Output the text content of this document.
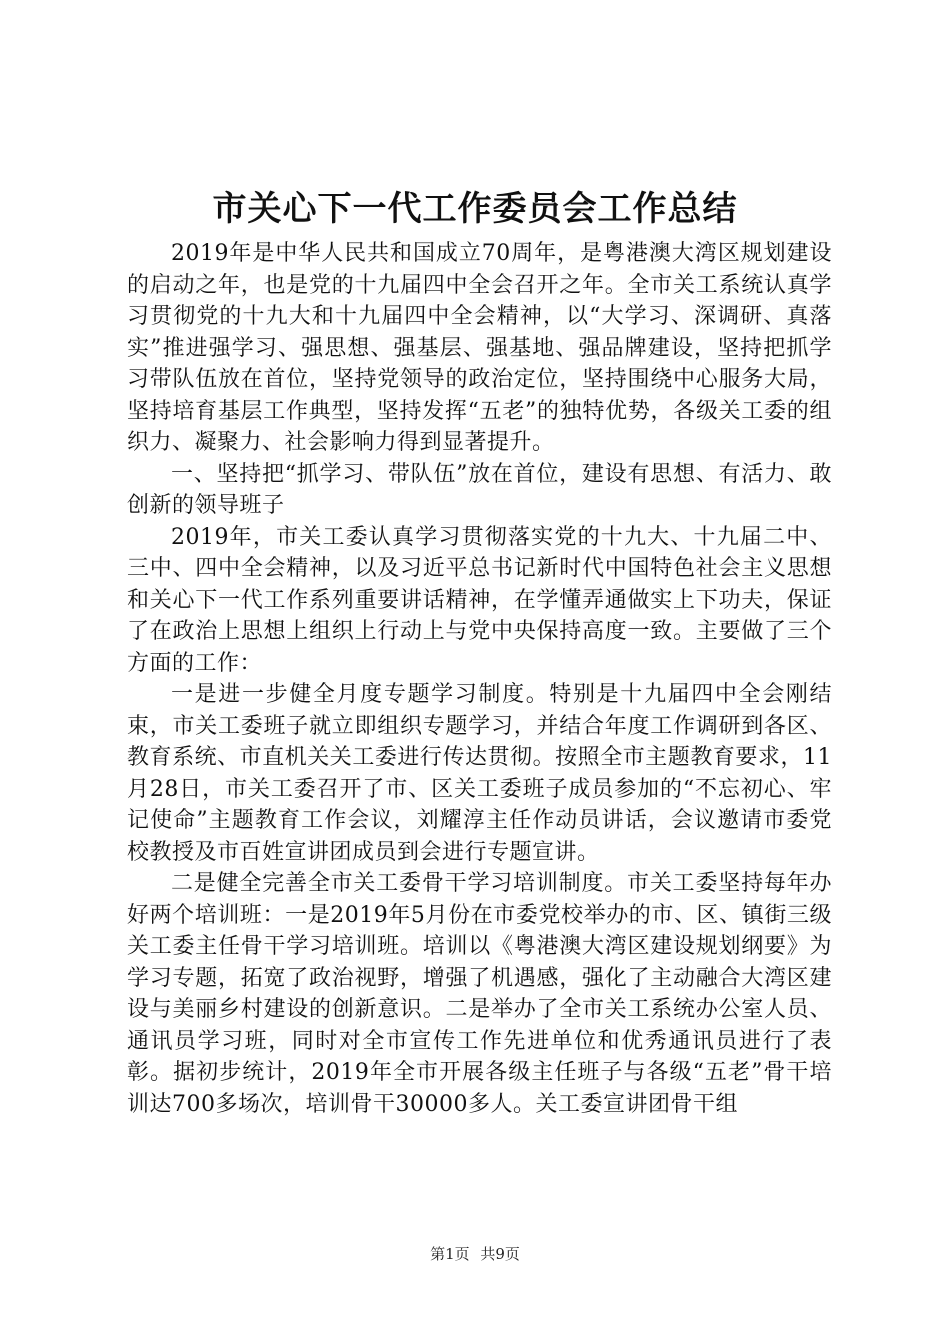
市关心下一代工作委员会工作总结

2019年是中华人民共和国成立70周年，是粤港澳大湾区规划建设的启动之年，也是党的十九届四中全会召开之年。全市关工系统认真学习贯彻党的十九大和十九届四中全会精神，以“大学习、深调研、真落实”推进强学习、强思想、强基层、强基地、强品牌建设，坚持把抓学习带队伍放在首位，坚持党领导的政治定位，坚持围绕中心服务大局，坚持培育基层工作典型，坚持发挥“五老”的独特优势，各级关工委的组织力、凝聚力、社会影响力得到显著提升。

一、坚持把“抓学习、带队伍”放在首位，建设有思想、有活力、敢创新的领导班子

2019年，市关工委认真学习贯彻落实党的十九大、十九届二中、三中、四中全会精神，以及习近平总书记新时代中国特色社会主义思想和关心下一代工作系列重要讲话精神，在学懂弄通做实上下功夫，保证了在政治上思想上组织上行动上与党中央保持高度一致。主要做了三个方面的工作：

一是进一步健全月度专题学习制度。特别是十九届四中全会刚结束，市关工委班子就立即组织专题学习，并结合年度工作调研到各区、教育系统、市直机关关工委进行传达贯彻。按照全市主题教育要求，11月28日，市关工委召开了市、区关工委班子成员参加的“不忘初心、牢记使命”主题教育工作会议，刘耀淳主任作动员讲话，会议邀请市委党校教授及市百姓宣讲团成员到会进行专题宣讲。

二是健全完善全市关工委骨干学习培训制度。市关工委坚持每年办好两个培训班：一是2019年5月份在市委党校举办的市、区、镇街三级关工委主任骨干学习培训班。培训以《粤港澳大湾区建设规划纲要》为学习专题，拓宽了政治视野，增强了机遇感，强化了主动融合大湾区建设与美丽乡村建设的创新意识。二是举办了全市关工系统办公室人员、通讯员学习班，同时对全市宣传工作先进单位和优秀通讯员进行了表彰。据初步统计，2019年全市开展各级主任班子与各级“五老”骨干培训达700多场次，培训骨干30000多人。关工委宣讲团骨干组

第1页 共9页
